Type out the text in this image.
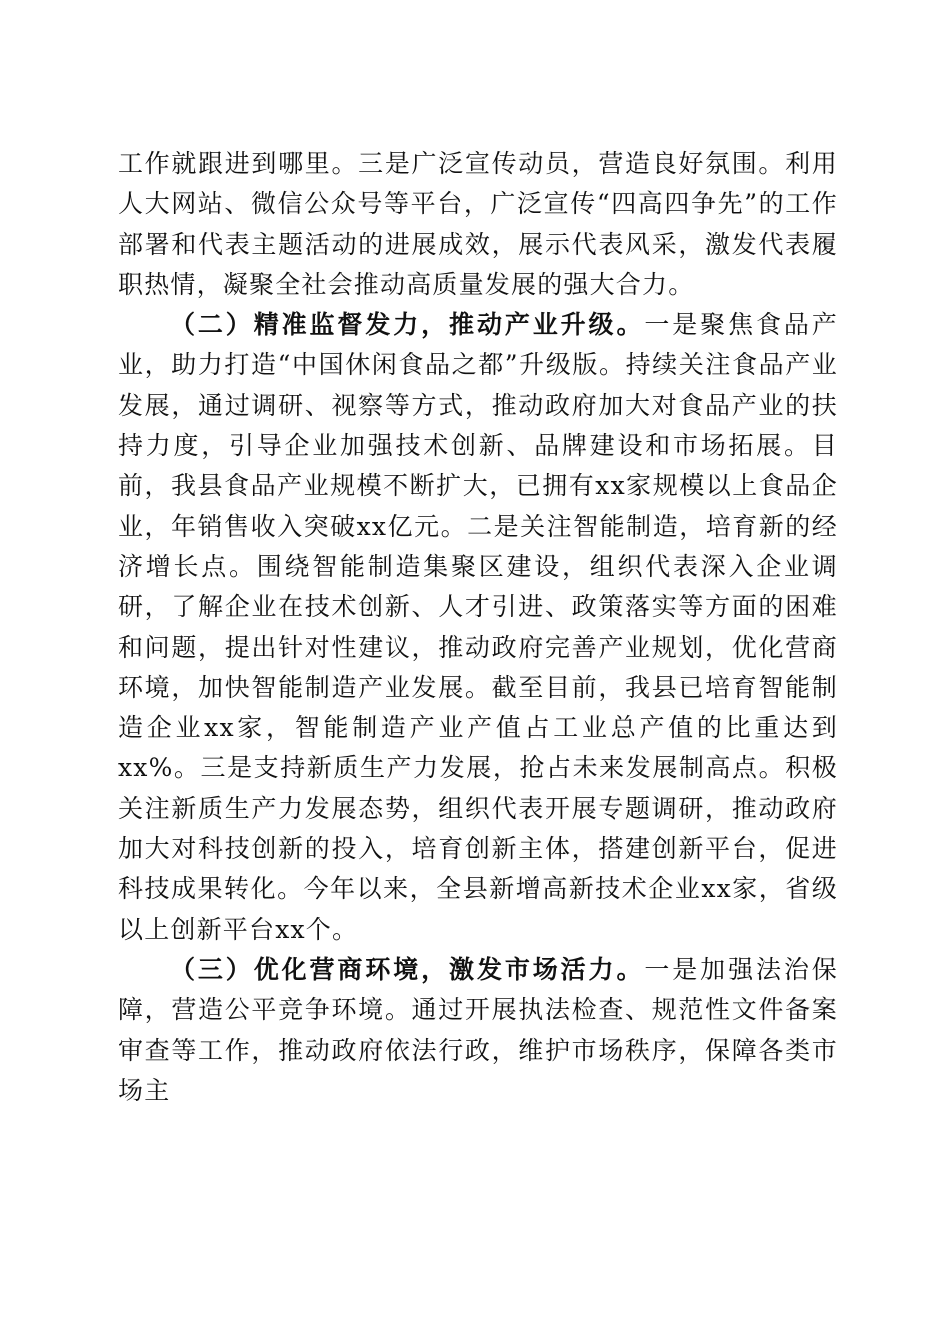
工作就跟进到哪里。三是广泛宣传动员，营造良好氛围。利用人大网站、微信公众号等平台，广泛宣传“四高四争先”的工作部署和代表主题活动的进展成效，展示代表风采，激发代表履职热情，凝聚全社会推动高质量发展的强大合力。

（二）精准监督发力，推动产业升级。一是聚焦食品产业，助力打造“中国休闲食品之都”升级版。持续关注食品产业发展，通过调研、视察等方式，推动政府加大对食品产业的扶持力度，引导企业加强技术创新、品牌建设和市场拓展。目前，我县食品产业规模不断扩大，已拥有xx家规模以上食品企业，年销售收入突破xx亿元。二是关注智能制造，培育新的经济增长点。围绕智能制造集聚区建设，组织代表深入企业调研，了解企业在技术创新、人才引进、政策落实等方面的困难和问题，提出针对性建议，推动政府完善产业规划，优化营商环境，加快智能制造产业发展。截至目前，我县已培育智能制造企业xx家，智能制造产业产值占工业总产值的比重达到xx%。三是支持新质生产力发展，抢占未来发展制高点。积极关注新质生产力发展态势，组织代表开展专题调研，推动政府加大对科技创新的投入，培育创新主体，搭建创新平台，促进科技成果转化。今年以来，全县新增高新技术企业xx家，省级以上创新平台xx个。

（三）优化营商环境，激发市场活力。一是加强法治保障，营造公平竞争环境。通过开展执法检查、规范性文件备案审查等工作，推动政府依法行政，维护市场秩序，保障各类市场主
